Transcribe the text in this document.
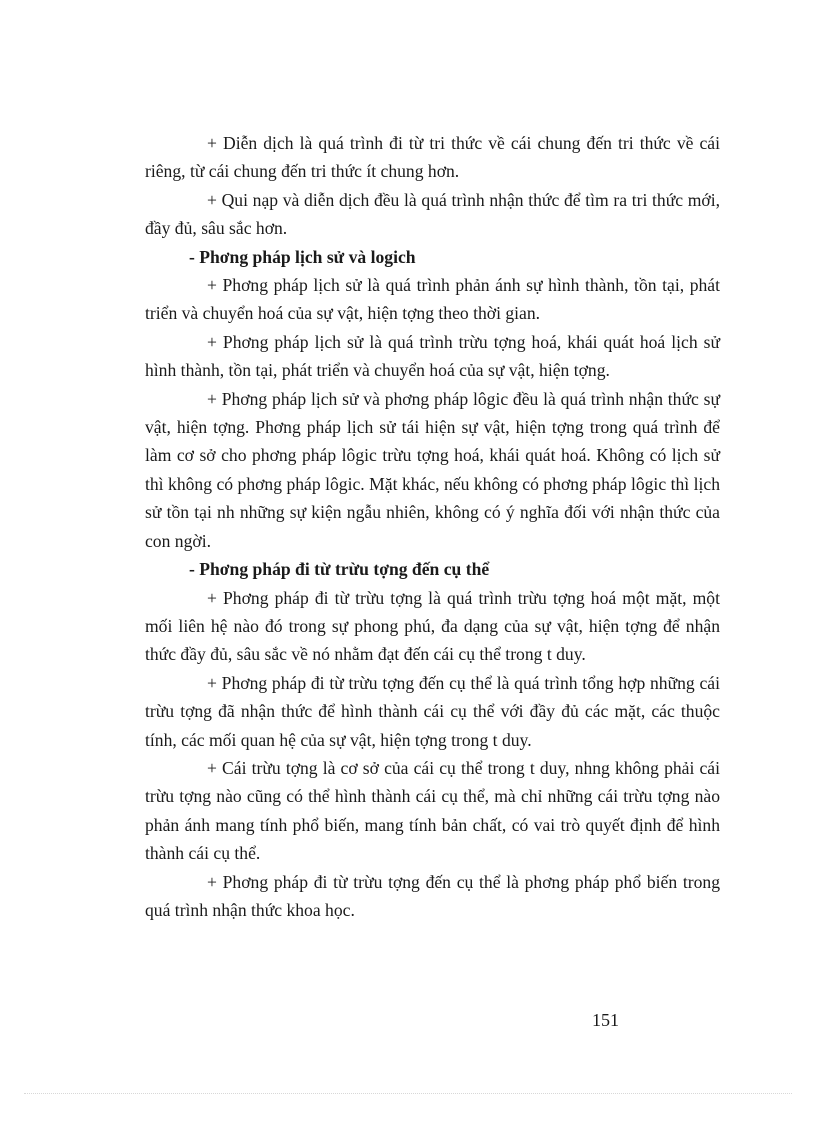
+ Diễn dịch là quá trình đi từ tri thức về cái chung đến tri thức về cái riêng, từ cái chung đến tri thức ít chung hơn.

+ Qui nạp và diễn dịch đều là quá trình nhận thức để tìm ra tri thức mới, đầy đủ, sâu sắc hơn.

- Phơng pháp lịch sử và logich

+ Phơng pháp lịch sử là quá trình phản ánh sự hình thành, tồn tại, phát triển và chuyển hoá của sự vật, hiện tợng theo thời gian.

+ Phơng pháp lịch sử là quá trình trừu tợng hoá, khái quát hoá lịch sử hình thành, tồn tại, phát triển và chuyển hoá của sự vật, hiện tợng.

+ Phơng pháp lịch sử và phơng pháp lôgic đều là quá trình nhận thức sự vật, hiện tợng. Phơng pháp lịch sử tái hiện sự vật, hiện tợng trong quá trình để làm cơ sở cho phơng pháp lôgic trừu tợng hoá, khái quát hoá. Không có lịch sử thì không có phơng pháp lôgic. Mặt khác, nếu không có phơng pháp lôgic thì lịch sử tồn tại nh những sự kiện ngẫu nhiên, không có ý nghĩa đối với nhận thức của con ngời.

- Phơng pháp đi từ trừu tợng đến cụ thể

+ Phơng pháp đi từ trừu tợng là quá trình trừu tợng hoá một mặt, một mối liên hệ nào đó trong sự phong phú, đa dạng của sự vật, hiện tợng để nhận thức đầy đủ, sâu sắc về nó nhằm đạt đến cái cụ thể trong t duy.

+ Phơng pháp đi từ trừu tợng đến cụ thể là quá trình tổng hợp những cái trừu tợng đã nhận thức để hình thành cái cụ thể với đầy đủ các mặt, các thuộc tính, các mối quan hệ của sự vật, hiện tợng trong t duy.

+ Cái trừu tợng là cơ sở của cái cụ thể trong t duy, nhng không phải cái trừu tợng nào cũng có thể hình thành cái cụ thể, mà chỉ những cái trừu tợng nào phản ánh mang tính phổ biến, mang tính bản chất, có vai trò quyết định để hình thành cái cụ thể.

+ Phơng pháp đi từ trừu tợng đến cụ thể là phơng pháp phổ biến trong quá trình nhận thức khoa học.

151
